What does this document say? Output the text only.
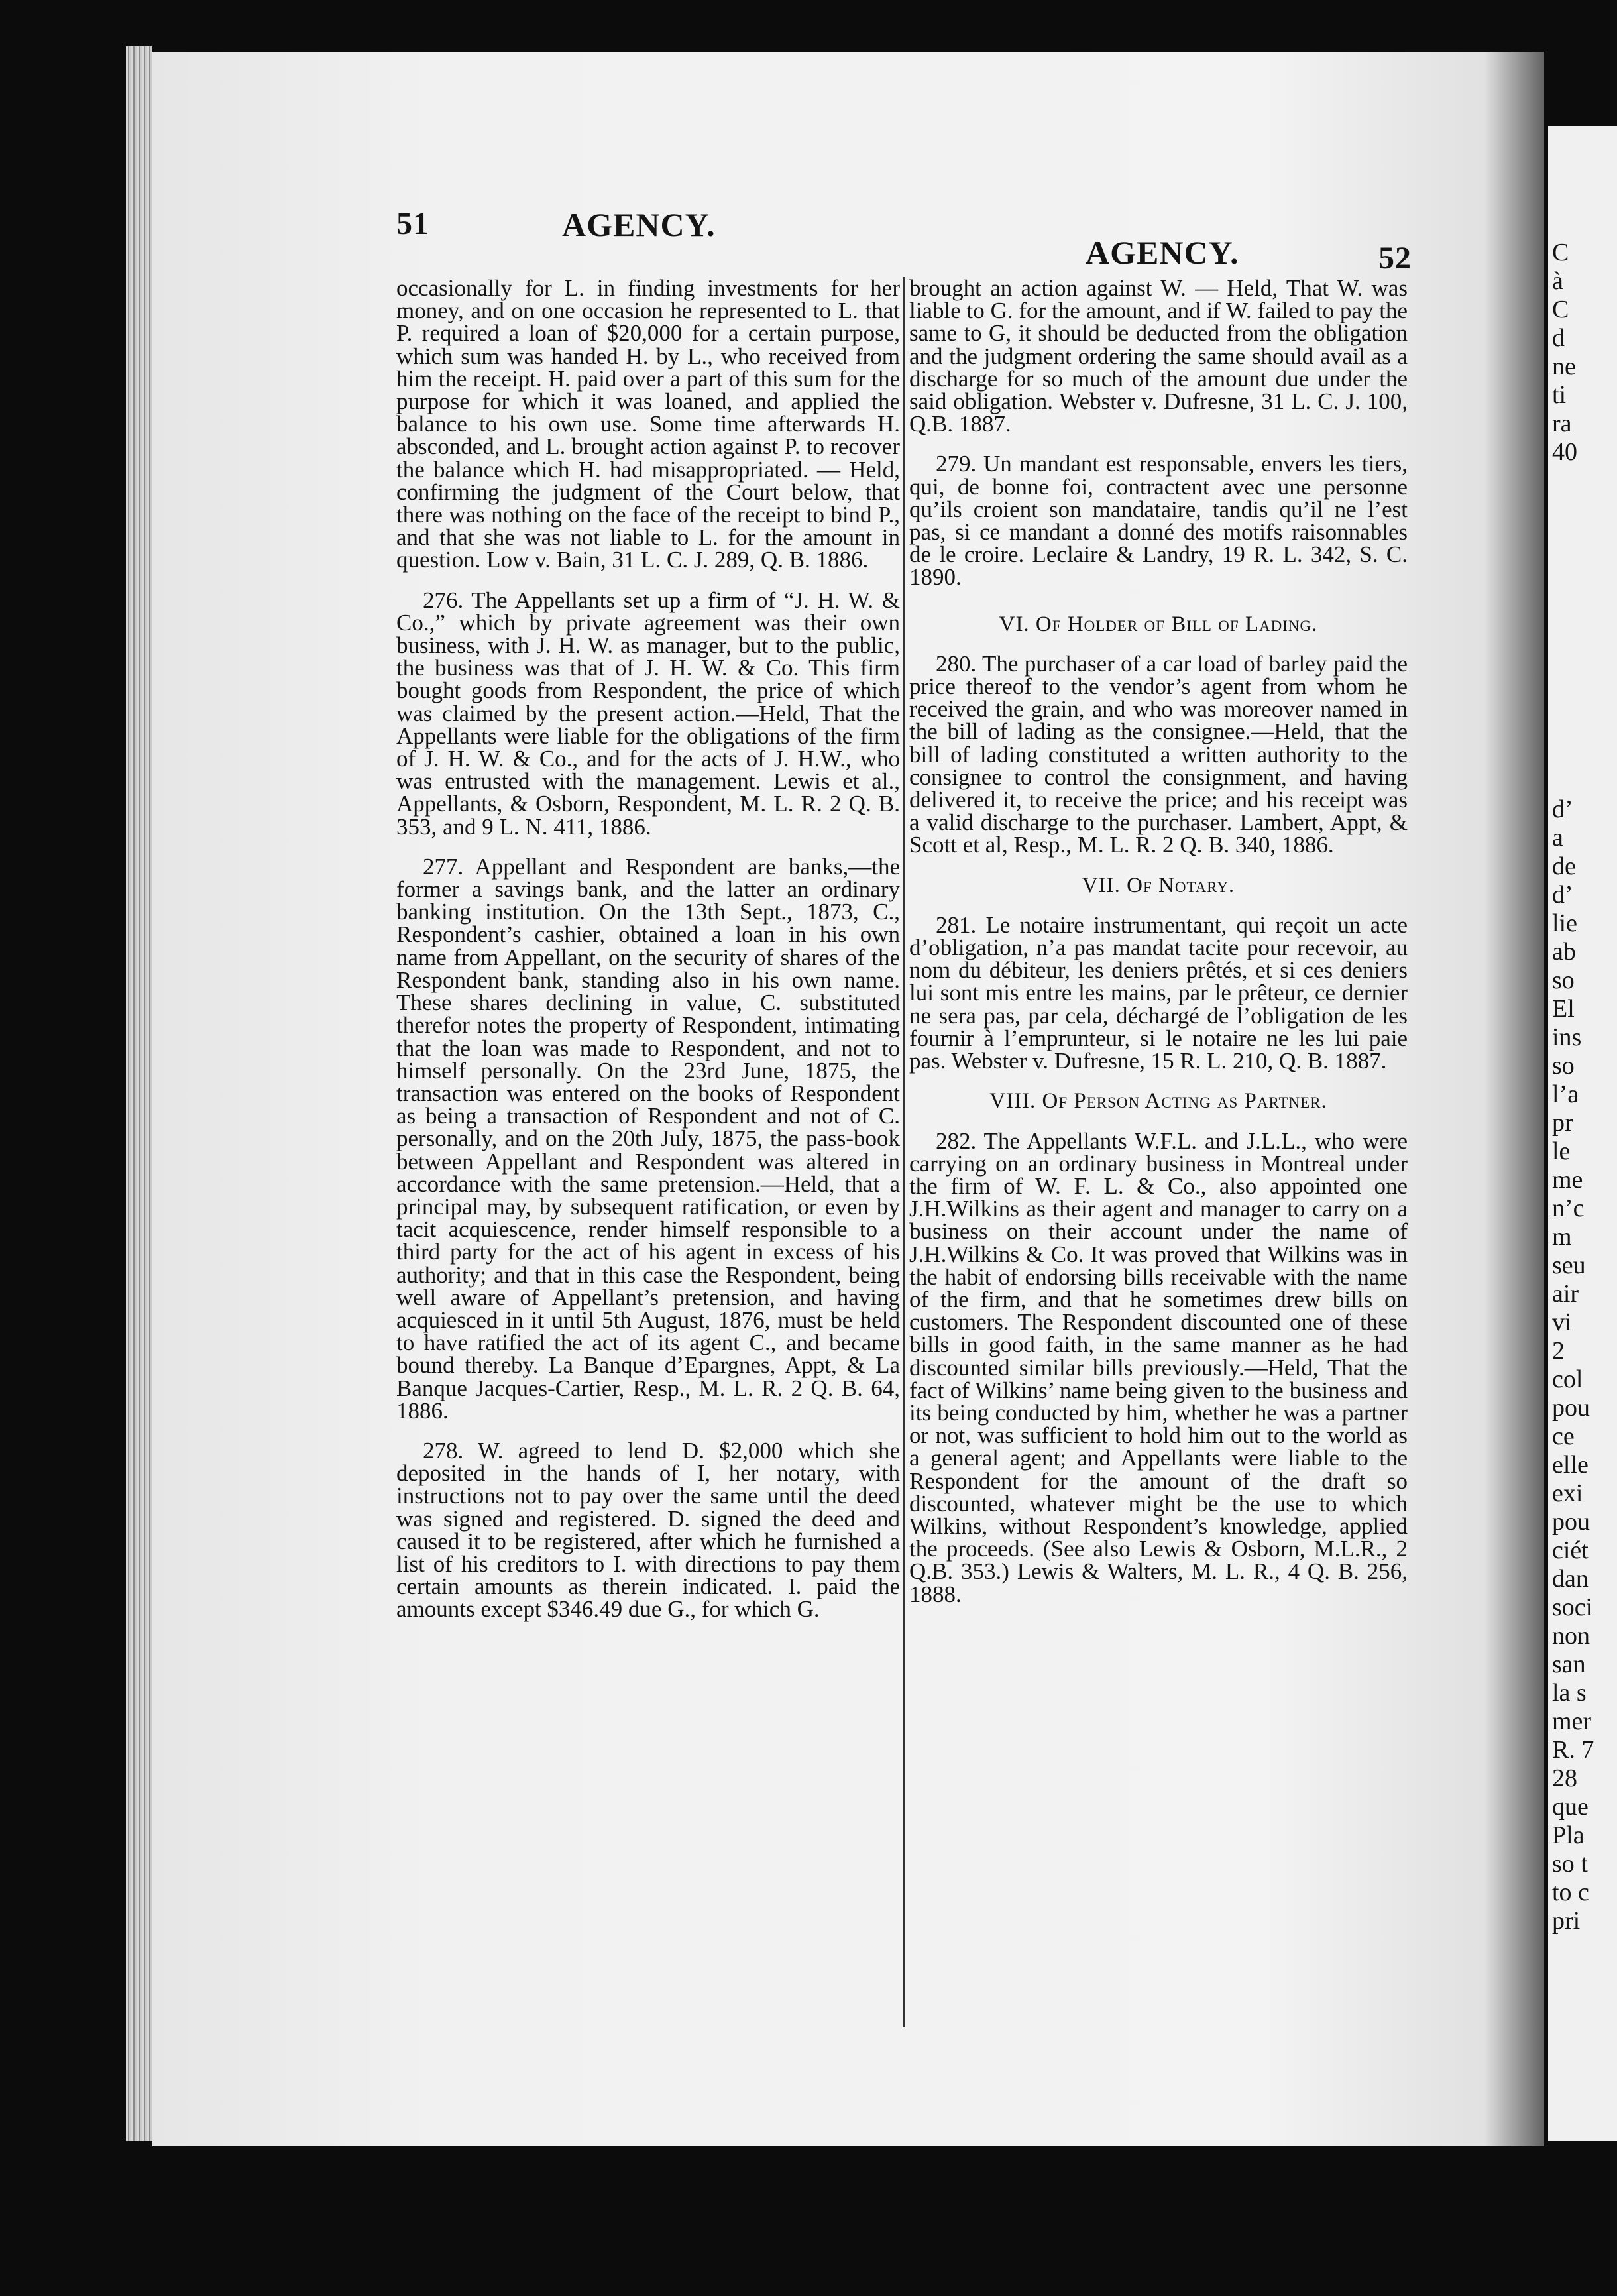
51	AGENCY.
AGENCY.	52

occasionally for L. in finding investments for her money, and on one occasion he represented to L. that P. required a loan of $20,000 for a certain purpose, which sum was handed H. by L., who received from him the receipt. H. paid over a part of this sum for the purpose for which it was loaned, and applied the balance to his own use. Some time afterwards H. absconded, and L. brought action against P. to recover the balance which H. had misappropriated. — Held, confirming the judgment of the Court below, that there was nothing on the face of the receipt to bind P., and that she was not liable to L. for the amount in question. Low v. Bain, 31 L. C. J. 289, Q. B. 1886.

276. The Appellants set up a firm of “J. H. W. & Co.,” which by private agreement was their own business, with J. H. W. as manager, but to the public, the business was that of J. H. W. & Co. This firm bought goods from Respondent, the price of which was claimed by the present action.—Held, That the Appellants were liable for the obligations of the firm of J. H. W. & Co., and for the acts of J. H.W., who was entrusted with the management. Lewis et al., Appellants, & Osborn, Respondent, M. L. R. 2 Q. B. 353, and 9 L. N. 411, 1886.

277. Appellant and Respondent are banks,—the former a savings bank, and the latter an ordinary banking institution. On the 13th Sept., 1873, C., Respondent’s cashier, obtained a loan in his own name from Appellant, on the security of shares of the Respondent bank, standing also in his own name. These shares declining in value, C. substituted therefor notes the property of Respondent, intimating that the loan was made to Respondent, and not to himself personally. On the 23rd June, 1875, the transaction was entered on the books of Respondent as being a transaction of Respondent and not of C. personally, and on the 20th July, 1875, the pass-book between Appellant and Respondent was altered in accordance with the same pretension.—Held, that a principal may, by subsequent ratification, or even by tacit acquiescence, render himself responsible to a third party for the act of his agent in excess of his authority; and that in this case the Respondent, being well aware of Appellant’s pretension, and having acquiesced in it until 5th August, 1876, must be held to have ratified the act of its agent C., and became bound thereby. La Banque d’Epargnes, Appt, & La Banque Jacques-Cartier, Resp., M. L. R. 2 Q. B. 64, 1886.

278. W. agreed to lend D. $2,000 which she deposited in the hands of I, her notary, with instructions not to pay over the same until the deed was signed and registered. D. signed the deed and caused it to be registered, after which he furnished a list of his creditors to I. with directions to pay them certain amounts as therein indicated. I. paid the amounts except $346.49 due G., for which G.

brought an action against W. — Held, That W. was liable to G. for the amount, and if W. failed to pay the same to G, it should be deducted from the obligation and the judgment ordering the same should avail as a discharge for so much of the amount due under the said obligation. Webster v. Dufresne, 31 L. C. J. 100, Q.B. 1887.

279. Un mandant est responsable, envers les tiers, qui, de bonne foi, contractent avec une personne qu’ils croient son mandataire, tandis qu’il ne l’est pas, si ce mandant a donné des motifs raisonnables de le croire. Leclaire & Landry, 19 R. L. 342, S. C. 1890.

VI. Of Holder of Bill of Lading.

280. The purchaser of a car load of barley paid the price thereof to the vendor’s agent from whom he received the grain, and who was moreover named in the bill of lading as the consignee.—Held, that the bill of lading constituted a written authority to the consignee to control the consignment, and having delivered it, to receive the price; and his receipt was a valid discharge to the purchaser. Lambert, Appt, & Scott et al, Resp., M. L. R. 2 Q. B. 340, 1886.

VII. Of Notary.

281. Le notaire instrumentant, qui reçoit un acte d’obligation, n’a pas mandat tacite pour recevoir, au nom du débiteur, les deniers prêtés, et si ces deniers lui sont mis entre les mains, par le prêteur, ce dernier ne sera pas, par cela, déchargé de l’obligation de les fournir à l’emprunteur, si le notaire ne les lui paie pas. Webster v. Dufresne, 15 R. L. 210, Q. B. 1887.

VIII. Of Person Acting as Partner.

282. The Appellants W.F.L. and J.L.L., who were carrying on an ordinary business in Montreal under the firm of W. F. L. & Co., also appointed one J.H.Wilkins as their agent and manager to carry on a business on their account under the name of J.H.Wilkins & Co. It was proved that Wilkins was in the habit of endorsing bills receivable with the name of the firm, and that he sometimes drew bills on customers. The Respondent discounted one of these bills in good faith, in the same manner as he had discounted similar bills previously.—Held, That the fact of Wilkins’ name being given to the business and its being conducted by him, whether he was a partner or not, was sufficient to hold him out to the world as a general agent; and Appellants were liable to the Respondent for the amount of the draft so discounted, whatever might be the use to which Wilkins, without Respondent’s knowledge, applied the proceeds. (See also Lewis & Osborn, M.L.R., 2 Q.B. 353.) Lewis & Walters, M. L. R., 4 Q. B. 256, 1888.

C
à
C
d
ne
ti
ra
40
d’
a
de
d’
lie
ab
so
El
ins
so
l’a
pr
le
me
n’c
m
seu
air
vi
2
col
pou
ce
elle
exi
pou
ciét
dan
soci
non
san
la s
mer
R. 7
28
que
Pla
so t
to c
pri
